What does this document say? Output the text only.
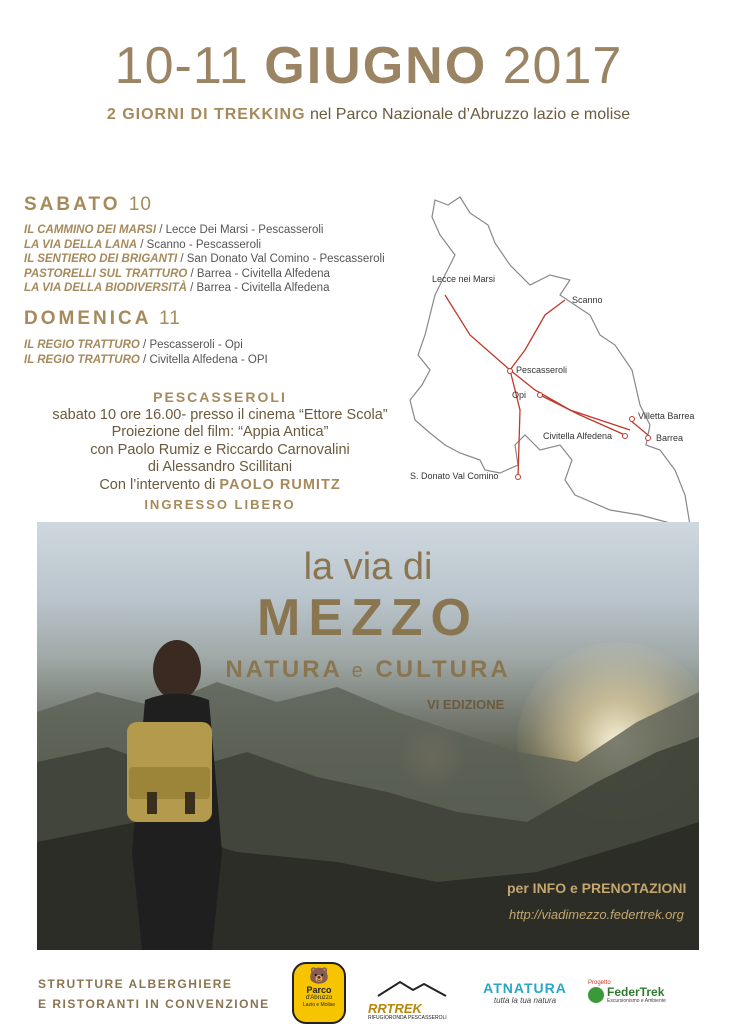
10-11 GIUGNO 2017
2 GIORNI DI TREKKING nel Parco Nazionale d’Abruzzo lazio e molise
SABATO 10
IL CAMMINO DEI MARSI / Lecce Dei Marsi - Pescasseroli
LA VIA DELLA LANA / Scanno - Pescasseroli
IL SENTIERO DEI BRIGANTI / San Donato Val Comino - Pescasseroli
PASTORELLI SUL TRATTURO / Barrea - Civitella Alfedena
LA VIA DELLA BIODIVERSITÀ / Barrea - Civitella Alfedena
DOMENICA 11
IL REGIO TRATTURO / Pescasseroli - Opi
IL REGIO TRATTURO / Civitella Alfedena - OPI
PESCASSEROLI
sabato 10 ore 16.00- presso il cinema “Ettore Scola”
Proiezione del film: “Appia Antica”
con Paolo Rumiz e Riccardo Carnovalini
di Alessandro Scillitani
Con l’intervento di PAOLO RUMITZ
INGRESSO LIBERO
Lecce nei Marsi
Scanno
Pescasseroli
Opi
Villetta Barrea
Civitella Alfedena	Barrea
S. Donato Val Comino
la via di
MEZZO
NATURA e CULTURA
VI EDIZIONE
per INFO e PRENOTAZIONI
http://viadimezzo.federtrek.org
STRUTTURE ALBERGHIERE
E RISTORANTI IN CONVENZIONE
🐻
Parco
d'Abruzzo
Lazio e Molise	RRTREK
RIFUGIORONDA PESCASSEROLI
ATNATURA
tutta la tua natura
Progetto
FederTrek
Escursionismo e Ambiente
